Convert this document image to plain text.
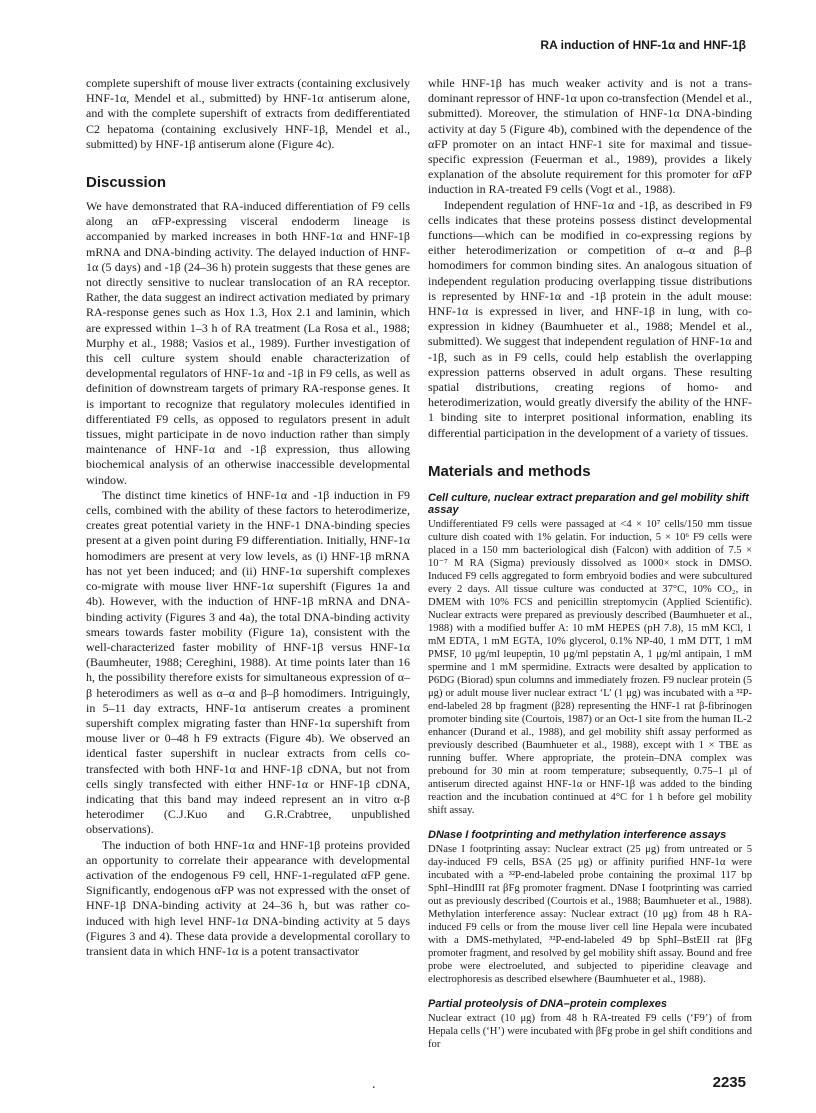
RA induction of HNF-1α and HNF-1β

complete supershift of mouse liver extracts (containing exclusively HNF-1α, Mendel et al., submitted) by HNF-1α antiserum alone, and with the complete supershift of extracts from dedifferentiated C2 hepatoma (containing exclusively HNF-1β, Mendel et al., submitted) by HNF-1β antiserum alone (Figure 4c).

Discussion

We have demonstrated that RA-induced differentiation of F9 cells along an αFP-expressing visceral endoderm lineage is accompanied by marked increases in both HNF-1α and HNF-1β mRNA and DNA-binding activity. The delayed induction of HNF-1α (5 days) and -1β (24–36 h) protein suggests that these genes are not directly sensitive to nuclear translocation of an RA receptor. Rather, the data suggest an indirect activation mediated by primary RA-response genes such as Hox 1.3, Hox 2.1 and laminin, which are expressed within 1–3 h of RA treatment (La Rosa et al., 1988; Murphy et al., 1988; Vasios et al., 1989). Further investigation of this cell culture system should enable characterization of developmental regulators of HNF-1α and -1β in F9 cells, as well as definition of downstream targets of primary RA-response genes. It is important to recognize that regulatory molecules identified in differentiated F9 cells, as opposed to regulators present in adult tissues, might participate in de novo induction rather than simply maintenance of HNF-1α and -1β expression, thus allowing biochemical analysis of an otherwise inaccessible developmental window.

The distinct time kinetics of HNF-1α and -1β induction in F9 cells, combined with the ability of these factors to heterodimerize, creates great potential variety in the HNF-1 DNA-binding species present at a given point during F9 differentiation. Initially, HNF-1α homodimers are present at very low levels, as (i) HNF-1β mRNA has not yet been induced; and (ii) HNF-1α supershift complexes co-migrate with mouse liver HNF-1α supershift (Figures 1a and 4b). However, with the induction of HNF-1β mRNA and DNA-binding activity (Figures 3 and 4a), the total DNA-binding activity smears towards faster mobility (Figure 1a), consistent with the well-characterized faster mobility of HNF-1β versus HNF-1α (Baumheuter, 1988; Cereghini, 1988). At time points later than 16 h, the possibility therefore exists for simultaneous expression of α–β heterodimers as well as α–α and β–β homodimers. Intriguingly, in 5–11 day extracts, HNF-1α antiserum creates a prominent supershift complex migrating faster than HNF-1α supershift from mouse liver or 0–48 h F9 extracts (Figure 4b). We observed an identical faster supershift in nuclear extracts from cells co-transfected with both HNF-1α and HNF-1β cDNA, but not from cells singly transfected with either HNF-1α or HNF-1β cDNA, indicating that this band may indeed represent an in vitro α-β heterodimer (C.J.Kuo and G.R.Crabtree, unpublished observations).

The induction of both HNF-1α and HNF-1β proteins provided an opportunity to correlate their appearance with developmental activation of the endogenous F9 cell, HNF-1-regulated αFP gene. Significantly, endogenous αFP was not expressed with the onset of HNF-1β DNA-binding activity at 24–36 h, but was rather co-induced with high level HNF-1α DNA-binding activity at 5 days (Figures 3 and 4). These data provide a developmental corollary to transient data in which HNF-1α is a potent transactivator

while HNF-1β has much weaker activity and is not a trans-dominant repressor of HNF-1α upon co-transfection (Mendel et al., submitted). Moreover, the stimulation of HNF-1α DNA-binding activity at day 5 (Figure 4b), combined with the dependence of the αFP promoter on an intact HNF-1 site for maximal and tissue-specific expression (Feuerman et al., 1989), provides a likely explanation of the absolute requirement for this promoter for αFP induction in RA-treated F9 cells (Vogt et al., 1988).

Independent regulation of HNF-1α and -1β, as described in F9 cells indicates that these proteins possess distinct developmental functions—which can be modified in co-expressing regions by either heterodimerization or competition of α–α and β–β homodimers for common binding sites. An analogous situation of independent regulation producing overlapping tissue distributions is represented by HNF-1α and -1β protein in the adult mouse: HNF-1α is expressed in liver, and HNF-1β in lung, with co-expression in kidney (Baumhueter et al., 1988; Mendel et al., submitted). We suggest that independent regulation of HNF-1α and -1β, such as in F9 cells, could help establish the overlapping expression patterns observed in adult organs. These resulting spatial distributions, creating regions of homo- and heterodimerization, would greatly diversify the ability of the HNF-1 binding site to interpret positional information, enabling its differential participation in the development of a variety of tissues.

Materials and methods
Cell culture, nuclear extract preparation and gel mobility shift assay

Undifferentiated F9 cells were passaged at <4 × 10⁷ cells/150 mm tissue culture dish coated with 1% gelatin. For induction, 5 × 10⁶ F9 cells were placed in a 150 mm bacteriological dish (Falcon) with addition of 7.5 × 10⁻⁷ M RA (Sigma) previously dissolved as 1000× stock in DMSO. Induced F9 cells aggregated to form embryoid bodies and were subcultured every 2 days. All tissue culture was conducted at 37°C, 10% CO₂, in DMEM with 10% FCS and penicillin streptomycin (Applied Scientific). Nuclear extracts were prepared as previously described (Baumhueter et al., 1988) with a modified buffer A: 10 mM HEPES (pH 7.8), 15 mM KCl, 1 mM EDTA, 1 mM EGTA, 10% glycerol, 0.1% NP-40, 1 mM DTT, 1 mM PMSF, 10 μg/ml leupeptin, 10 μg/ml pepstatin A, 1 μg/ml antipain, 1 mM spermine and 1 mM spermidine. Extracts were desalted by application to P6DG (Biorad) spun columns and immediately frozen. F9 nuclear protein (5 μg) or adult mouse liver nuclear extract ‘L’ (1 μg) was incubated with a ³²P-end-labeled 28 bp fragment (β28) representing the HNF-1 rat β-fibrinogen promoter binding site (Courtois, 1987) or an Oct-1 site from the human IL-2 enhancer (Durand et al., 1988), and gel mobility shift assay performed as previously described (Baumhueter et al., 1988), except with 1 × TBE as running buffer. Where appropriate, the protein–DNA complex was prebound for 30 min at room temperature; subsequently, 0.75–1 μl of antiserum directed against HNF-1α or HNF-1β was added to the binding reaction and the incubation continued at 4°C for 1 h before gel mobility shift assay.

DNase I footprinting and methylation interference assays

DNase I footprinting assay: Nuclear extract (25 μg) from untreated or 5 day-induced F9 cells, BSA (25 μg) or affinity purified HNF-1α were incubated with a ³²P-end-labeled probe containing the proximal 117 bp SphI–HindIII rat βFg promoter fragment. DNase I footprinting was carried out as previously described (Courtois et al., 1988; Baumhueter et al., 1988). Methylation interference assay: Nuclear extract (10 μg) from 48 h RA-induced F9 cells or from the mouse liver cell line Hepala were incubated with a DMS-methylated, ³²P-end-labeled 49 bp SphI–BstEII rat βFg promoter fragment, and resolved by gel mobility shift assay. Bound and free probe were electroeluted, and subjected to piperidine cleavage and electrophoresis as described elsewhere (Baumhueter et al., 1988).

Partial proteolysis of DNA–protein complexes

Nuclear extract (10 μg) from 48 h RA-treated F9 cells (‘F9’) of from Hepala cells (‘H’) were incubated with βFg probe in gel shift conditions and for

.	2235
